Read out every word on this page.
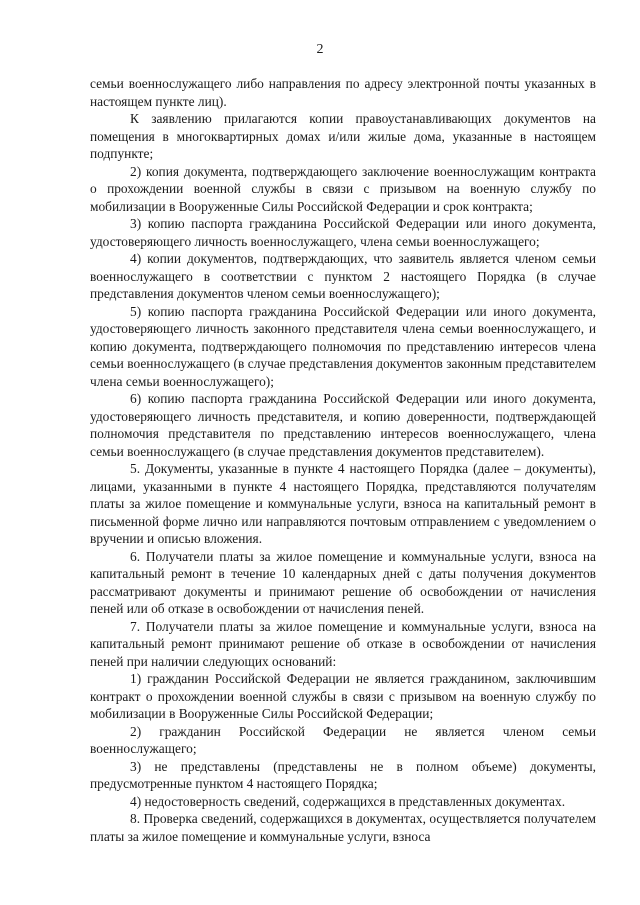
2

семьи военнослужащего либо направления по адресу электронной почты указанных в настоящем пункте лиц).

К заявлению прилагаются копии правоустанавливающих документов на помещения в многоквартирных домах и/или жилые дома, указанные в настоящем подпункте;

2) копия документа, подтверждающего заключение военнослужащим контракта о прохождении военной службы в связи с призывом на военную службу по мобилизации в Вооруженные Силы Российской Федерации и срок контракта;

3) копию паспорта гражданина Российской Федерации или иного документа, удостоверяющего личность военнослужащего, члена семьи военнослужащего;

4) копии документов, подтверждающих, что заявитель является членом семьи военнослужащего в соответствии с пунктом 2 настоящего Порядка (в случае представления документов членом семьи военнослужащего);

5) копию паспорта гражданина Российской Федерации или иного документа, удостоверяющего личность законного представителя члена семьи военнослужащего, и копию документа, подтверждающего полномочия по представлению интересов члена семьи военнослужащего (в случае представления документов законным представителем члена семьи военнослужащего);

6) копию паспорта гражданина Российской Федерации или иного документа, удостоверяющего личность представителя, и копию доверенности, подтверждающей полномочия представителя по представлению интересов военнослужащего, члена семьи военнослужащего (в случае представления документов представителем).

5. Документы, указанные в пункте 4 настоящего Порядка (далее – документы), лицами, указанными в пункте 4 настоящего Порядка, представляются получателям платы за жилое помещение и коммунальные услуги, взноса на капитальный ремонт в письменной форме лично или направляются почтовым отправлением с уведомлением о вручении и описью вложения.

6. Получатели платы за жилое помещение и коммунальные услуги, взноса на капитальный ремонт в течение 10 календарных дней с даты получения документов рассматривают документы и принимают решение об освобождении от начисления пеней или об отказе в освобождении от начисления пеней.

7. Получатели платы за жилое помещение и коммунальные услуги, взноса на капитальный ремонт принимают решение об отказе в освобождении от начисления пеней при наличии следующих оснований:

1) гражданин Российской Федерации не является гражданином, заключившим контракт о прохождении военной службы в связи с призывом на военную службу по мобилизации в Вооруженные Силы Российской Федерации;

2) гражданин Российской Федерации не является членом семьи военнослужащего;

3) не представлены (представлены не в полном объеме) документы, предусмотренные пунктом 4 настоящего Порядка;

4) недостоверность сведений, содержащихся в представленных документах.

8. Проверка сведений, содержащихся в документах, осуществляется получателем платы за жилое помещение и коммунальные услуги, взноса
